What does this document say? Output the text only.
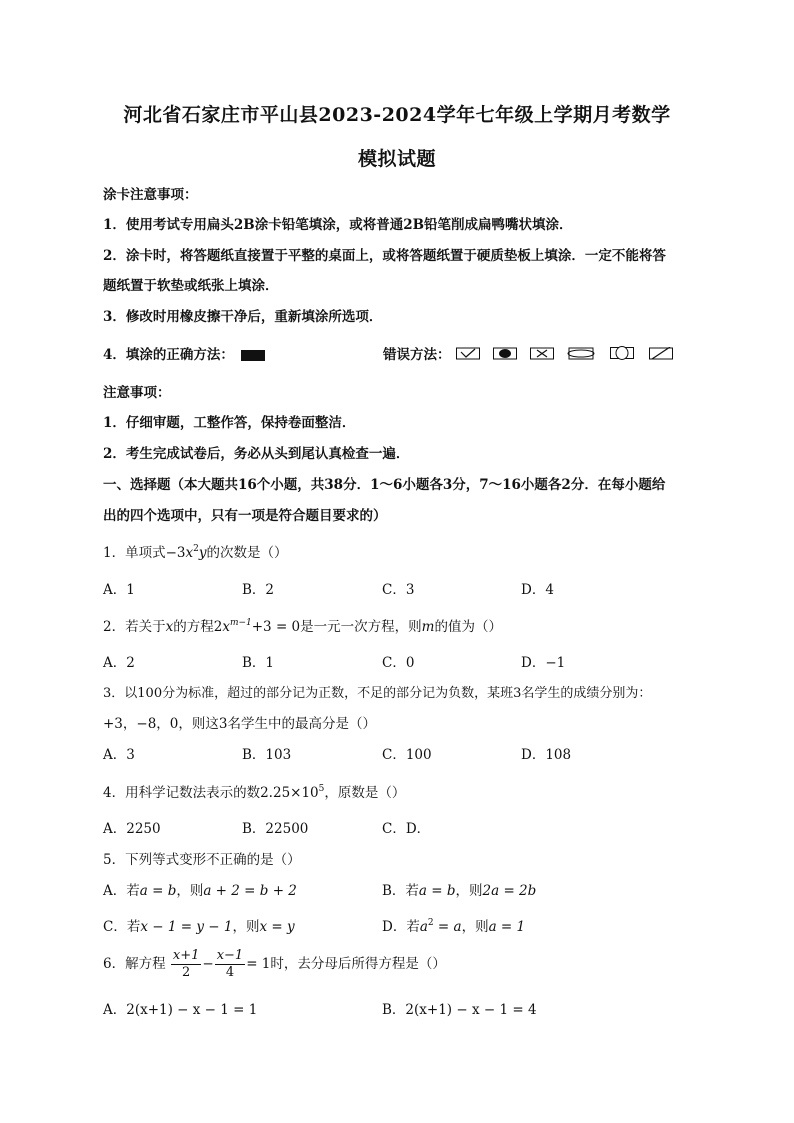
河北省石家庄市平山县2023-2024学年七年级上学期月考数学
模拟试题
涂卡注意事项：
1．使用考试专用扁头2B涂卡铅笔填涂，或将普通2B铅笔削成扁鸭嘴状填涂．
2．涂卡时，将答题纸直接置于平整的桌面上，或将答题纸置于硬质垫板上填涂．一定不能将答
题纸置于软垫或纸张上填涂．
3．修改时用橡皮擦干净后，重新填涂所选项．
4．填涂的正确方法：	错误方法：
注意事项：
1．仔细审题，工整作答，保持卷面整洁．
2．考生完成试卷后，务必从头到尾认真检查一遍．
一、选择题（本大题共16个小题，共38分．1～6小题各3分，7～16小题各2分．在每小题给
出的四个选项中，只有一项是符合题目要求的）
1．单项式$-3x^2y$的次数是（）
A．1	B．2	C．3	D．4
2．若关于x的方程$2x^{m-1}+3 = 0$是一元一次方程，则m的值为（）
A．2	B．1	C．0	D．−1
3．以100分为标准，超过的部分记为正数，不足的部分记为负数，某班3名学生的成绩分别为：
+3，−8，0，则这3名学生中的最高分是（）
A．3	B．103	C．100	D．108
4．用科学记数法表示的数$2.25\times 10^5$，原数是（）
A．2250	B．22500	C．D．
5．下列等式变形不正确的是（）
A．若a = b，则a + 2 = b + 2	B．若a = b，则2a = 2b
C．若x − 1 = y − 1，则x = y	D．若$a^2 = a$，则a = 1
6．解方程 $\frac{x+1}{2} - \frac{x-1}{4} = 1$时，去分母后所得方程是（）
A．2(x+1) − x − 1 = 1	B．2(x+1) − x − 1 = 4
